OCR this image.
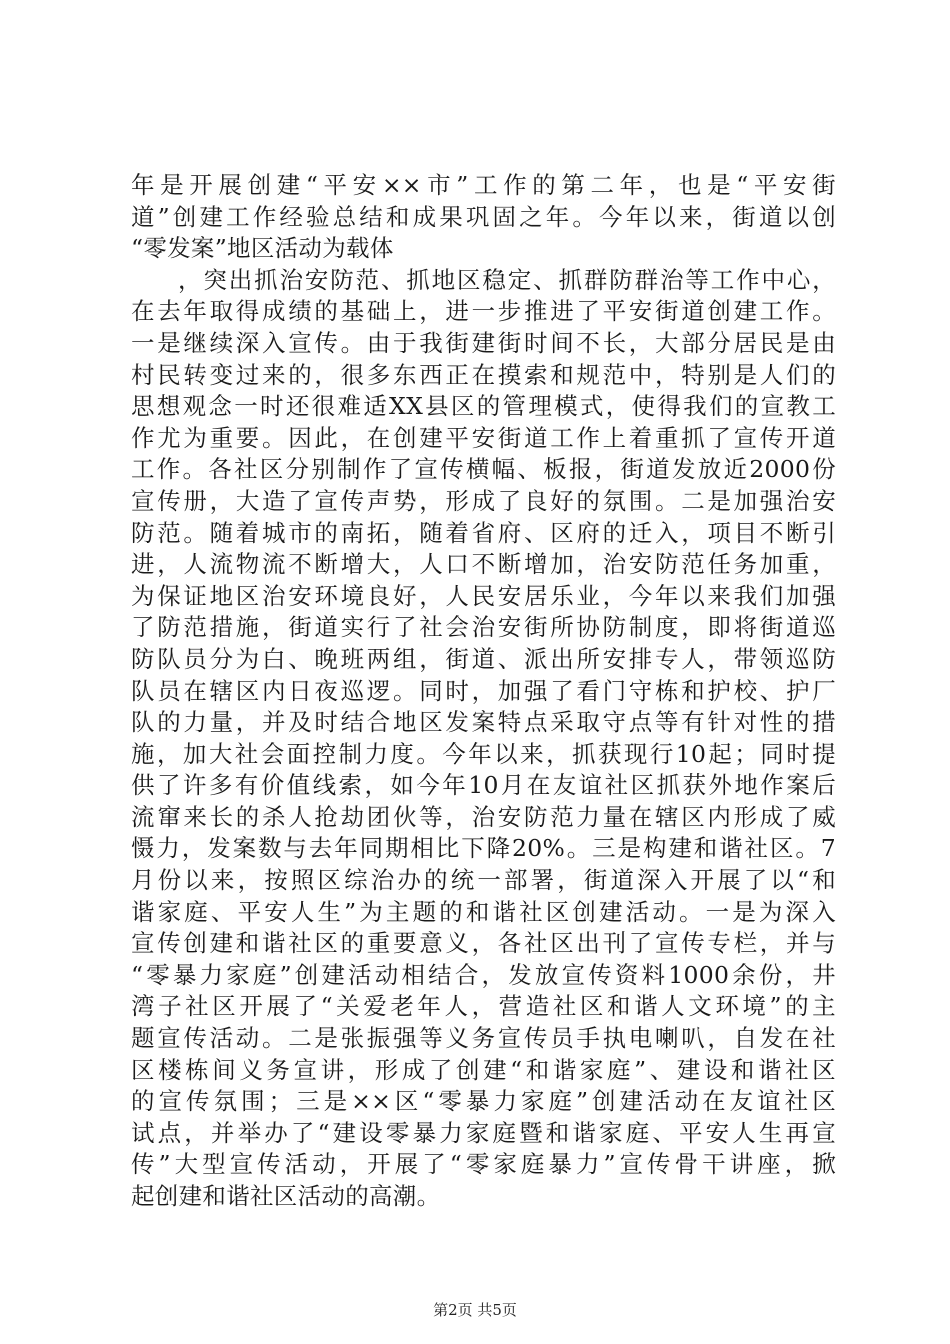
年是开展创建“平安××市”工作的第二年，也是“平安街
道”创建工作经验总结和成果巩固之年。今年以来，街道以创
“零发案”地区活动为载体
，突出抓治安防范、抓地区稳定、抓群防群治等工作中心，
在去年取得成绩的基础上，进一步推进了平安街道创建工作。
一是继续深入宣传。由于我街建街时间不长，大部分居民是由
村民转变过来的，很多东西正在摸索和规范中，特别是人们的
思想观念一时还很难适XX县区的管理模式，使得我们的宣教工
作尤为重要。因此，在创建平安街道工作上着重抓了宣传开道
工作。各社区分别制作了宣传横幅、板报，街道发放近2000份
宣传册，大造了宣传声势，形成了良好的氛围。二是加强治安
防范。随着城市的南拓，随着省府、区府的迁入，项目不断引
进，人流物流不断增大，人口不断增加，治安防范任务加重，
为保证地区治安环境良好，人民安居乐业，今年以来我们加强
了防范措施，街道实行了社会治安街所协防制度，即将街道巡
防队员分为白、晚班两组，街道、派出所安排专人，带领巡防
队员在辖区内日夜巡逻。同时，加强了看门守栋和护校、护厂
队的力量，并及时结合地区发案特点采取守点等有针对性的措
施，加大社会面控制力度。今年以来，抓获现行10起；同时提
供了许多有价值线索，如今年10月在友谊社区抓获外地作案后
流窜来长的杀人抢劫团伙等，治安防范力量在辖区内形成了威
慑力，发案数与去年同期相比下降20%。三是构建和谐社区。7
月份以来，按照区综治办的统一部署，街道深入开展了以“和
谐家庭、平安人生”为主题的和谐社区创建活动。一是为深入
宣传创建和谐社区的重要意义，各社区出刊了宣传专栏，并与
“零暴力家庭”创建活动相结合，发放宣传资料1000余份，井
湾子社区开展了“关爱老年人，营造社区和谐人文环境”的主
题宣传活动。二是张振强等义务宣传员手执电喇叭，自发在社
区楼栋间义务宣讲，形成了创建“和谐家庭”、建设和谐社区
的宣传氛围；三是××区“零暴力家庭”创建活动在友谊社区
试点，并举办了“建设零暴力家庭暨和谐家庭、平安人生再宣
传”大型宣传活动，开展了“零家庭暴力”宣传骨干讲座，掀
起创建和谐社区活动的高潮。
第2页 共5页
